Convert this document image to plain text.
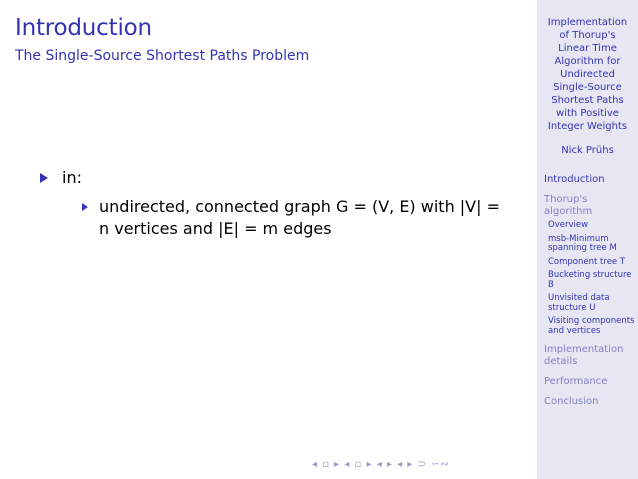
Introduction
The Single-Source Shortest Paths Problem
in:
undirected, connected graph G = (V, E) with |V| = n vertices and |E| = m edges
◂ ▫ ▸ ◂ ▫ ▸ ◂ ▸ ◂ ▸ ⊃ ∽∾
Implementation of Thorup's Linear Time Algorithm for Undirected Single-Source Shortest Paths with Positive Integer Weights
Nick Prühs
Introduction
Thorup's algorithm
Overview
msb-Minimum spanning tree M
Component tree T
Bucketing structure B
Unvisited data structure U
Visiting components and vertices
Implementation details
Performance
Conclusion
